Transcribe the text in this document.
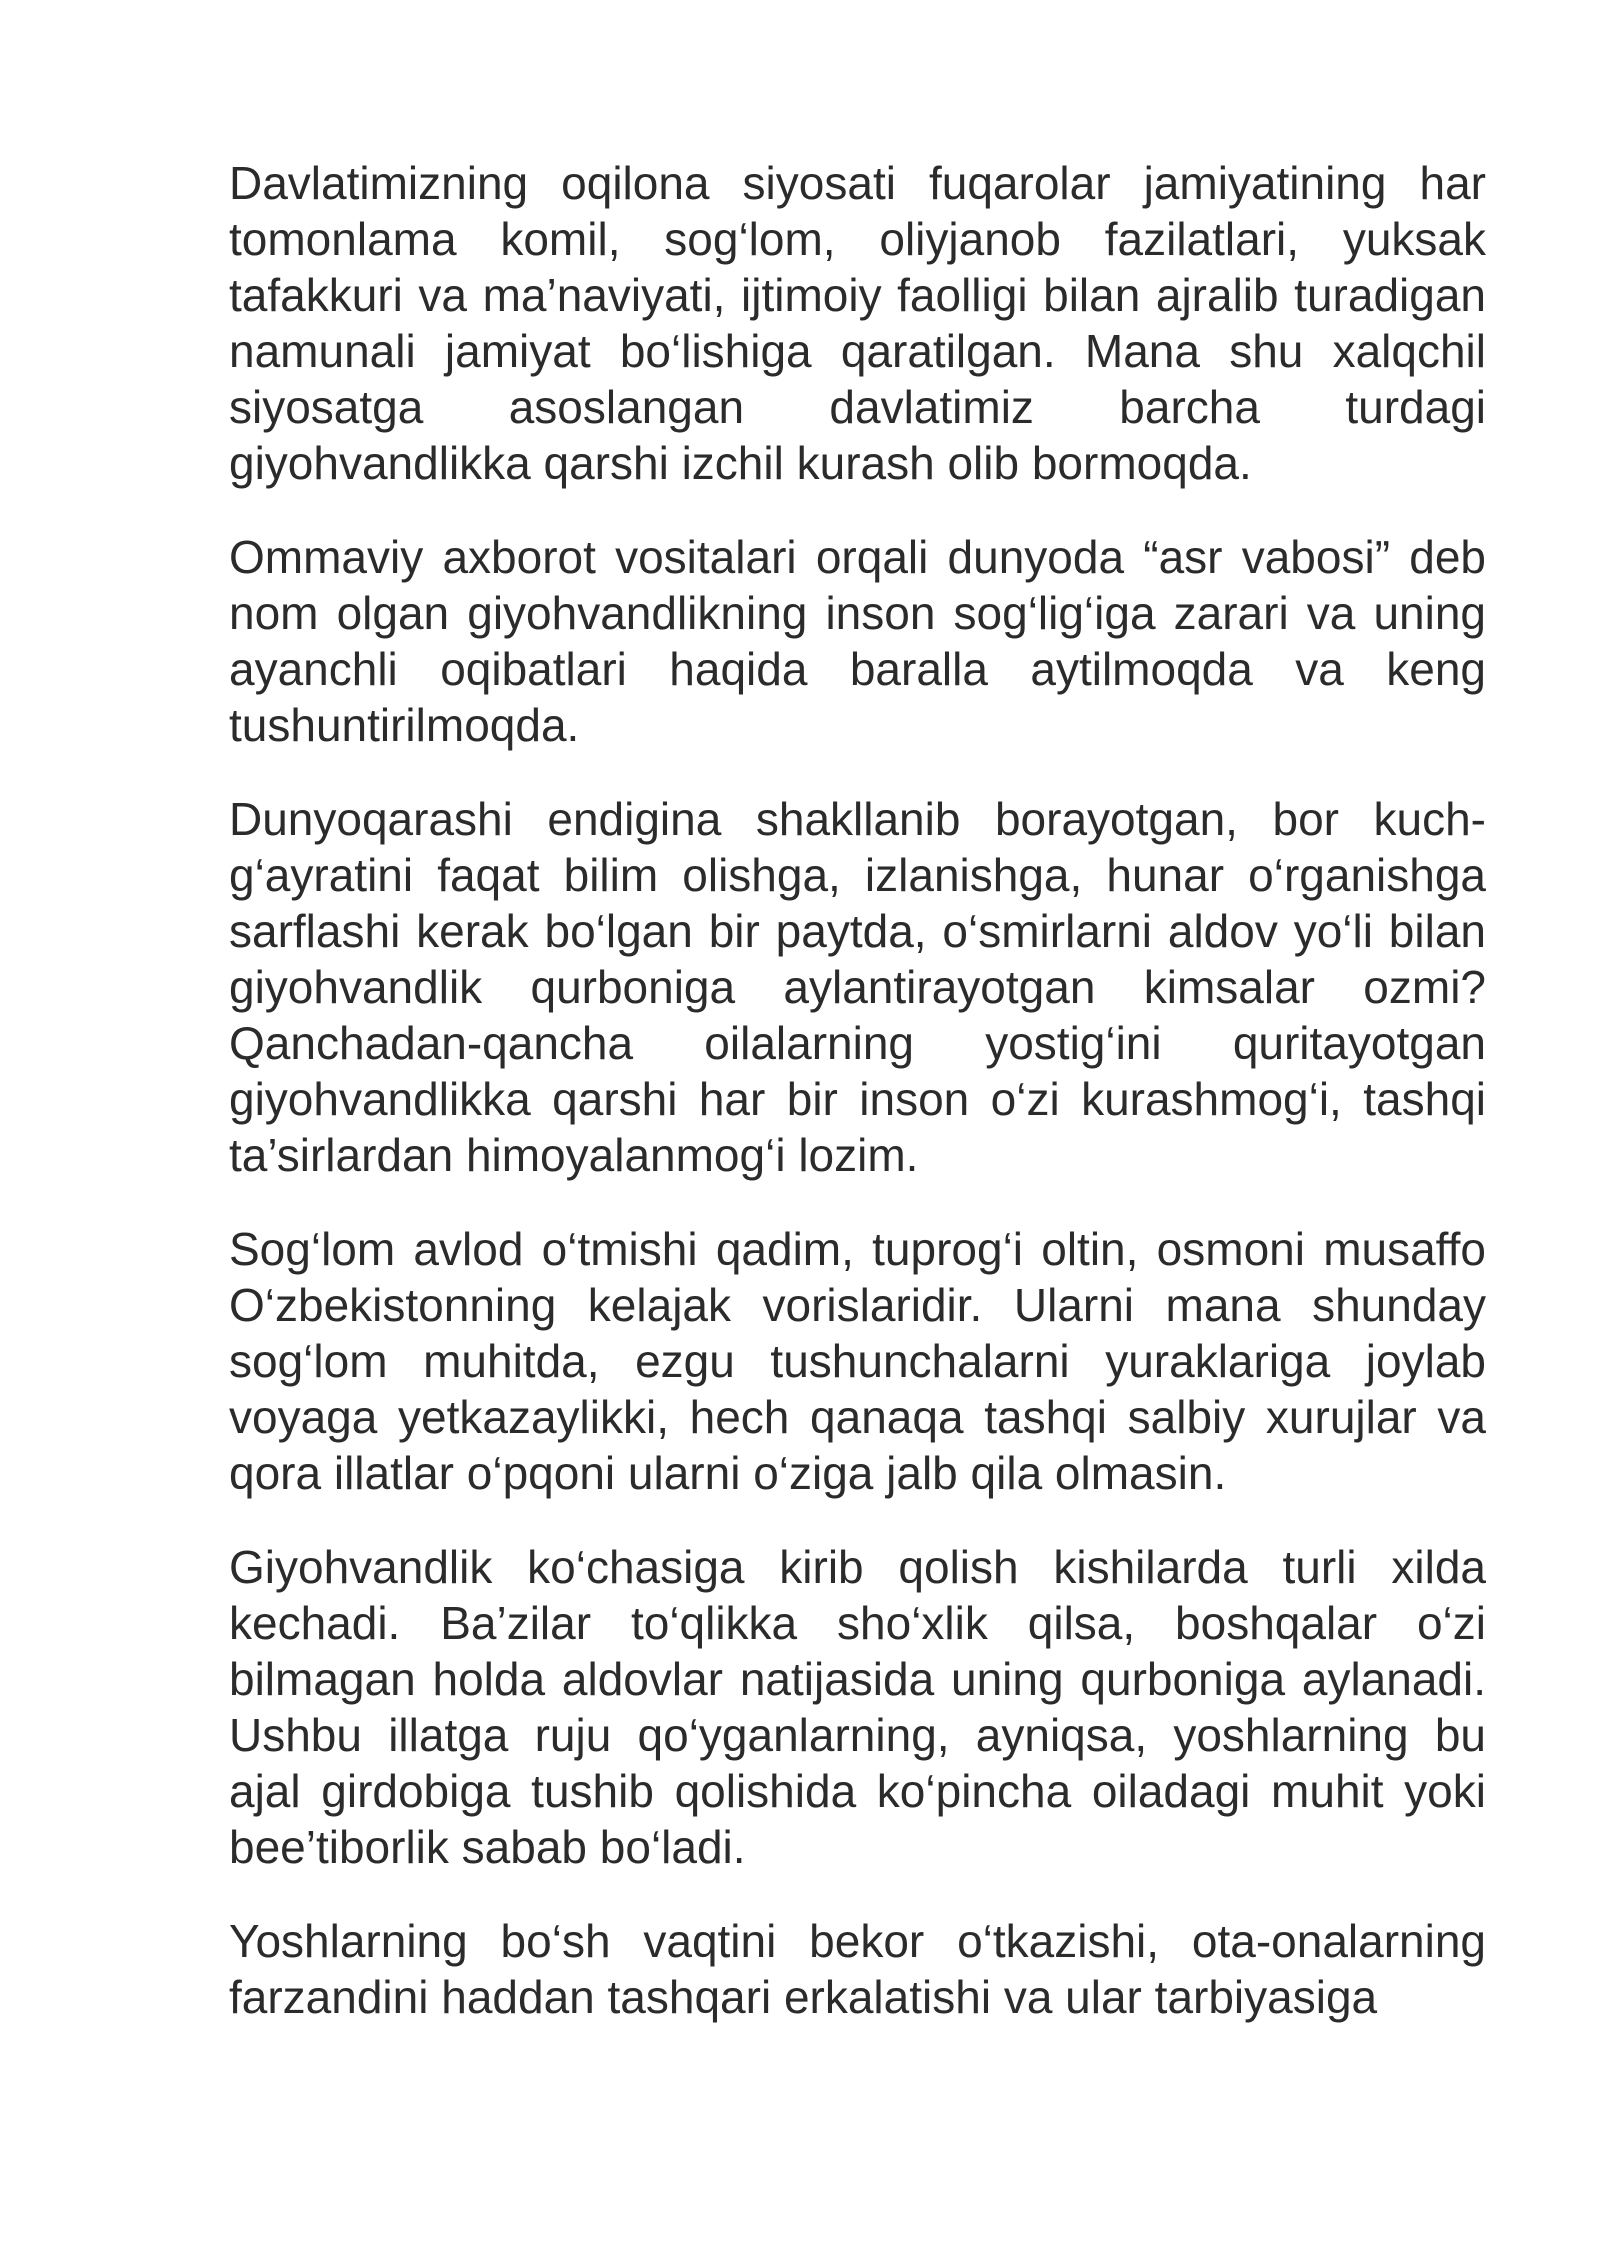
Davlatimizning oqilona siyosati fuqarolar jamiyatining har tomonlama komil, sog‘lom, oliyjanob fazilatlari, yuksak tafakkuri va ma’naviyati, ijtimoiy faolligi bilan ajralib turadigan namunali jamiyat bo‘lishiga qaratilgan. Mana shu xalqchil siyosatga asoslangan davlatimiz barcha turdagi giyohvandlikka qarshi izchil kurash olib bormoqda.

Ommaviy axborot vositalari orqali dunyoda “asr vabosi” deb nom olgan giyohvandlikning inson sog‘lig‘iga zarari va uning ayanchli oqibatlari haqida baralla aytilmoqda va keng tushuntirilmoqda.

Dunyoqarashi endigina shakllanib borayotgan, bor kuch-g‘ayratini faqat bilim olishga, izlanishga, hunar o‘rganishga sarflashi kerak bo‘lgan bir paytda, o‘smirlarni aldov yo‘li bilan giyohvandlik qurboniga aylantirayotgan kimsalar ozmi? Qanchadan-qancha oilalarning yostig‘ini quritayotgan giyohvandlikka qarshi har bir inson o‘zi kurashmog‘i, tashqi ta’sirlardan himoyalanmog‘i lozim.

Sog‘lom avlod o‘tmishi qadim, tuprog‘i oltin, osmoni musaffo O‘zbekistonning kelajak vorislaridir. Ularni mana shunday sog‘lom muhitda, ezgu tushunchalarni yuraklariga joylab voyaga yetkazaylikki, hech qanaqa tashqi salbiy xurujlar va qora illatlar o‘pqoni ularni o‘ziga jalb qila olmasin.

Giyohvandlik ko‘chasiga kirib qolish kishilarda turli xilda kechadi. Ba’zilar to‘qlikka sho‘xlik qilsa, boshqalar o‘zi bilmagan holda aldovlar natijasida uning qurboniga aylanadi. Ushbu illatga ruju qo‘yganlarning, ayniqsa, yoshlarning bu ajal girdobiga tushib qolishida ko‘pincha oiladagi muhit yoki bee’tiborlik sabab bo‘ladi.

Yoshlarning bo‘sh vaqtini bekor o‘tkazishi, ota-onalarning farzandini haddan tashqari erkalatishi va ular tarbiyasiga
